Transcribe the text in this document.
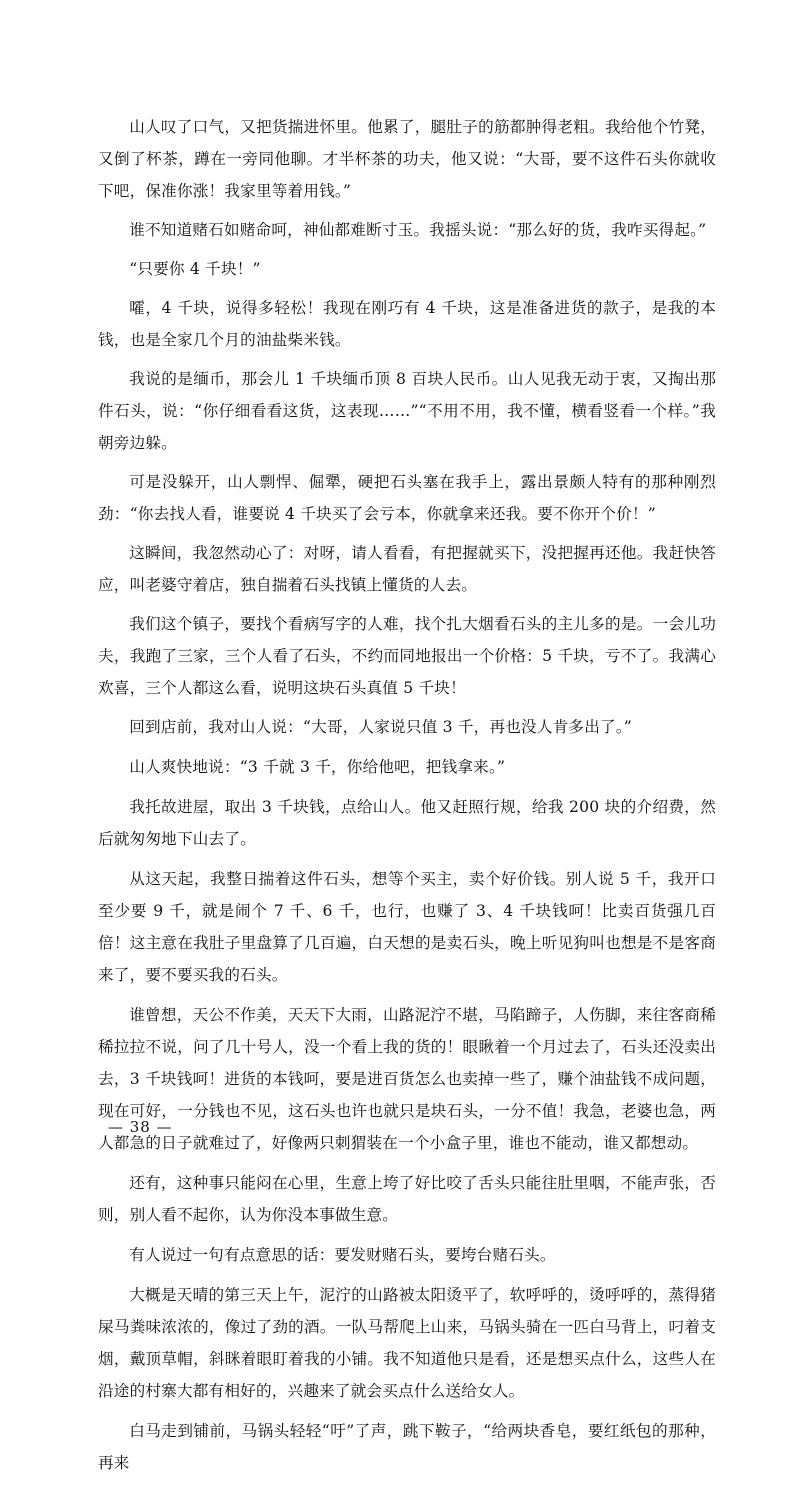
山人叹了口气，又把货揣进怀里。他累了，腿肚子的筋都肿得老粗。我给他个竹凳，又倒了杯茶，蹲在一旁同他聊。才半杯茶的功夫，他又说：“大哥，要不这件石头你就收下吧，保准你涨！我家里等着用钱。”

谁不知道赌石如赌命呵，神仙都难断寸玉。我摇头说：“那么好的货，我咋买得起。”

“只要你 4 千块！”

嚯，4 千块，说得多轻松！我现在刚巧有 4 千块，这是准备进货的款子，是我的本钱，也是全家几个月的油盐柴米钱。

我说的是缅币，那会儿 1 千块缅币顶 8 百块人民币。山人见我无动于衷，又掏出那件石头，说：“你仔细看看这货，这表现……”“不用不用，我不懂，横看竖看一个样。”我朝旁边躲。

可是没躲开，山人剽悍、倔犟，硬把石头塞在我手上，露出景颇人特有的那种刚烈劲：“你去找人看，谁要说 4 千块买了会亏本，你就拿来还我。要不你开个价！”

这瞬间，我忽然动心了：对呀，请人看看，有把握就买下，没把握再还他。我赶快答应，叫老婆守着店，独自揣着石头找镇上懂货的人去。

我们这个镇子，要找个看病写字的人难，找个扎大烟看石头的主儿多的是。一会儿功夫，我跑了三家，三个人看了石头，不约而同地报出一个价格：5 千块，亏不了。我满心欢喜，三个人都这么看，说明这块石头真值 5 千块！

回到店前，我对山人说：“大哥，人家说只值 3 千，再也没人肯多出了。”

山人爽快地说：“3 千就 3 千，你给他吧，把钱拿来。”

我托故进屋，取出 3 千块钱，点给山人。他又赶照行规，给我 200 块的介绍费，然后就匆匆地下山去了。

从这天起，我整日揣着这件石头，想等个买主，卖个好价钱。别人说 5 千，我开口至少要 9 千，就是闹个 7 千、6 千，也行，也赚了 3、4 千块钱呵！比卖百货强几百倍！这主意在我肚子里盘算了几百遍，白天想的是卖石头，晚上听见狗叫也想是不是客商来了，要不要买我的石头。

谁曾想，天公不作美，天天下大雨，山路泥泞不堪，马陷蹄子，人伤脚，来往客商稀稀拉拉不说，问了几十号人，没一个看上我的货的！眼瞅着一个月过去了，石头还没卖出去，3 千块钱呵！进货的本钱呵，要是进百货怎么也卖掉一些了，赚个油盐钱不成问题，现在可好，一分钱也不见，这石头也许也就只是块石头，一分不值！我急，老婆也急，两人都急的日子就难过了，好像两只刺猬装在一个小盒子里，谁也不能动，谁又都想动。

还有，这种事只能闷在心里，生意上垮了好比咬了舌头只能往肚里咽，不能声张，否则，别人看不起你，认为你没本事做生意。

有人说过一句有点意思的话：要发财赌石头，要垮台赌石头。

大概是天晴的第三天上午，泥泞的山路被太阳烫平了，软呼呼的，烫呼呼的，蒸得猪屎马粪味浓浓的，像过了劲的酒。一队马帮爬上山来，马锅头骑在一匹白马背上，叼着支烟，戴顶草帽，斜眯着眼盯着我的小铺。我不知道他只是看，还是想买点什么，这些人在沿途的村寨大都有相好的，兴趣来了就会买点什么送给女人。

白马走到铺前，马锅头轻轻“吁”了声，跳下鞍子，“给两块香皂，要红纸包的那种，再来

— 38 —
